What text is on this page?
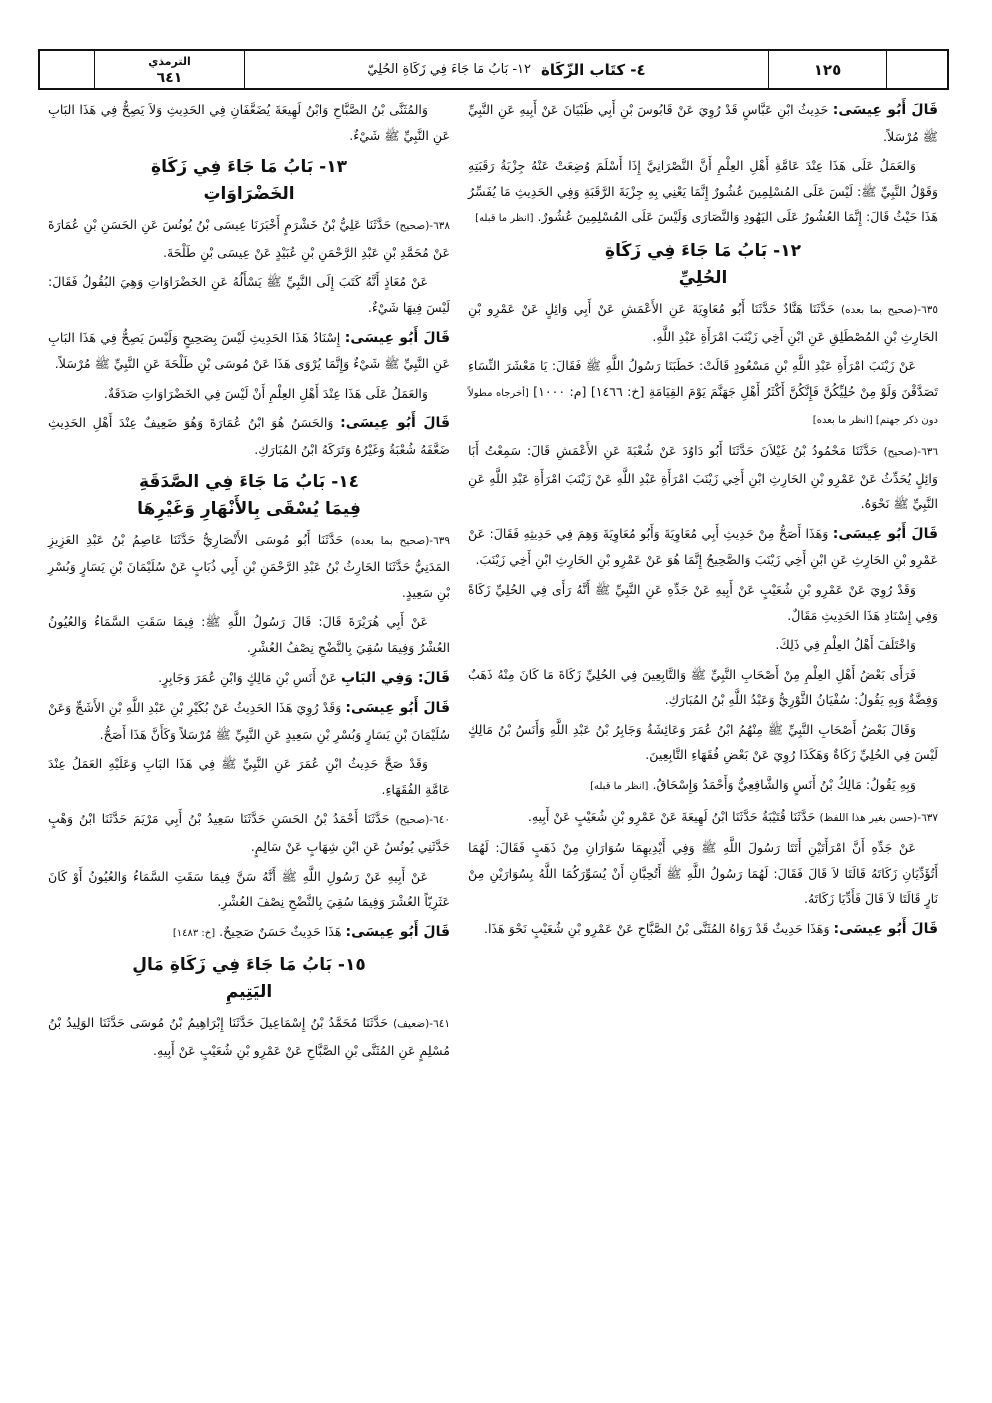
الترمذي
٦٤١	٤- كتَاب الزّكَاة
١٢- بَابُ مَا جَاءَ فِي زَكَاةِ الحُلِيّ	١٢٥

قَالَ أَبُو عِيسَى: حَدِيثُ ابْنِ عَبَّاسٍ قَدْ رُوِيَ عَنْ قَابُوسَ بْنِ أَبِي ظَبْيَانَ عَنْ أَبِيهِ عَنِ النَّبِيِّ ﷺ مُرْسَلاً.

وَالعَمَلُ عَلَى هَذَا عِنْدَ عَامَّةِ أَهْلِ العِلْمِ أَنَّ النَّصْرَانِيَّ إِذَا أَسْلَمَ وُضِعَتْ عَنْهُ جِزْيَةُ رَقَبَتِهِ وَقَوْلُ النَّبِيِّ ﷺ: لَيْسَ عَلَى المُسْلِمِينَ عُشُورٌ إِنَّمَا يَعْنِي بِهِ جِزْيَةَ الرَّقَبَةِ وَفِي الحَدِيثِ مَا يُفَسِّرُ هَذَا حَيْثُ قَالَ: إِنَّمَا العُشُورُ عَلَى اليَهُودِ وَالنَّصَارَى وَلَيْسَ عَلَى المُسْلِمِينَ عُشُورٌ. [انظر ما قبله]

١٢- بَابُ مَا جَاءَ فِي زَكَاةِ
الحُلِيِّ

٦٣٥-(صحيح بما بعده) حَدَّثَنَا هَنَّادٌ حَدَّثَنَا أَبُو مُعَاوِيَةَ عَنِ الأَعْمَشِ عَنْ أَبِي وَائِلٍ عَنْ عَمْرِو بْنِ الحَارِثِ بْنِ المُصْطَلِقِ عَنِ ابْنِ أَخِي زَيْنَبَ امْرَأَةِ عَبْدِ اللَّهِ.

عَنْ زَيْنَبَ امْرَأَةِ عَبْدِ اللَّهِ بْنِ مَسْعُودٍ قَالَتْ: خَطَبَنَا رَسُولُ اللَّهِ ﷺ فَقَالَ: يَا مَعْشَرَ النِّسَاءِ تَصَدَّقْنَ وَلَوْ مِنْ حُلِيِّكُنَّ فَإِنَّكُنَّ أَكْثَرُ أَهْلِ جَهَنَّمَ يَوْمَ القِيَامَةِ [خ: ١٤٦٦] [م: ١٠٠٠] [أخرجاه مطولاً دون ذكر جهنم] [انظر ما بعده]

٦٣٦-(صحيح) حَدَّثَنَا مَحْمُودُ بْنُ غَيْلاَنَ حَدَّثَنَا أَبُو دَاوُدَ عَنْ شُعْبَةَ عَنِ الأَعْمَشِ قَالَ: سَمِعْتُ أَبَا وَائِلٍ يُحَدِّثُ عَنْ عَمْرِو بْنِ الحَارِثِ ابْنِ أَخِي زَيْنَبَ امْرَأَةِ عَبْدِ اللَّهِ عَنْ زَيْنَبَ امْرَأَةِ عَبْدِ اللَّهِ عَنِ النَّبِيِّ ﷺ نَحْوَهُ.

قَالَ أَبُو عِيسَى: وَهَذَا أَصَحُّ مِنْ حَدِيثِ أَبِي مُعَاوِيَةَ وَأَبُو مُعَاوِيَةَ وَهِمَ فِي حَدِيثِهِ فَقَالَ: عَنْ عَمْرِو بْنِ الحَارِثِ عَنِ ابْنِ أَخِي زَيْنَبَ وَالصَّحِيحُ إِنَّمَا هُوَ عَنْ عَمْرِو بْنِ الحَارِثِ ابْنِ أَخِي زَيْنَبَ.

وَقَدْ رُوِيَ عَنْ عَمْرِو بْنِ شُعَيْبٍ عَنْ أَبِيهِ عَنْ جَدِّهِ عَنِ النَّبِيِّ ﷺ أَنَّهُ رَأَى فِي الحُلِيِّ زَكَاةً وَفِي إِسْنَادِ هَذَا الحَدِيثِ مَقَالٌ.

وَاخْتَلَفَ أَهْلُ العِلْمِ فِي ذَلِكَ.

فَرَأَى بَعْضُ أَهْلِ العِلْمِ مِنْ أَصْحَابِ النَّبِيِّ ﷺ وَالتَّابِعِينَ فِي الحُلِيِّ زَكَاةَ مَا كَانَ مِنْهُ ذَهَبٌ وَفِضَّةٌ وَبِهِ يَقُولُ: سُفْيَانُ الثَّوْرِيُّ وَعَبْدُ اللَّهِ بْنُ المُبَارَكِ.

وَقَالَ بَعْضُ أَصْحَابِ النَّبِيِّ ﷺ مِنْهُمُ ابْنُ عُمَرَ وَعَائِشَةُ وَجَابِرُ بْنُ عَبْدِ اللَّهِ وَأَنَسُ بْنُ مَالِكٍ لَيْسَ فِي الحُلِيِّ زَكَاةٌ وَهَكَذَا رُوِيَ عَنْ بَعْضِ فُقَهَاءِ التَّابِعِينَ.

وَبِهِ يَقُولُ: مَالِكُ بْنُ أَنَسٍ وَالشَّافِعِيُّ وَأَحْمَدُ وَإِسْحَاقُ. [انظر ما قبله]

٦٣٧-(حسن بغير هذا اللفظ) حَدَّثَنَا قُتَيْبَةُ حَدَّثَنَا ابْنُ لَهِيعَةَ عَنْ عَمْرِو بْنِ شُعَيْبٍ عَنْ أَبِيهِ.

عَنْ جَدِّهِ أَنَّ امْرَأَتَيْنِ أَتَتَا رَسُولَ اللَّهِ ﷺ وَفِي أَيْدِيهِمَا سُوَارَانِ مِنْ ذَهَبٍ فَقَالَ: لَهُمَا أَتُؤَدِّيَانِ زَكَاتَهُ قَالَتَا لاَ قَالَ فَقَالَ: لَهُمَا رَسُولُ اللَّهِ ﷺ أَتُحِبَّانِ أَنْ يُسَوِّرَكُمَا اللَّهُ بِسُوَارَيْنِ مِنْ نَارٍ قَالَتَا لاَ قَالَ فَأَدِّيَا زَكَاتَهُ.

قَالَ أَبُو عِيسَى: وَهَذَا حَدِيثٌ قَدْ رَوَاهُ المُثَنَّى بْنُ الصَّبَّاحِ عَنْ عَمْرِو بْنِ شُعَيْبٍ نَحْوَ هَذَا.

وَالمُثَنَّى بْنُ الصَّبَّاحِ وَابْنُ لَهِيعَةَ يُضَعَّفَانِ فِي الحَدِيثِ وَلاَ يَصِحُّ فِي هَذَا البَابِ عَنِ النَّبِيِّ ﷺ شَيْءٌ.

١٣- بَابُ مَا جَاءَ فِي زَكَاةِ
الخَضْرَاوَاتِ

٦٣٨-(صحيح) حَدَّثَنَا عَلِيُّ بْنُ خَشْرَمٍ أَخْبَرَنَا عِيسَى بْنُ يُونُسَ عَنِ الحَسَنِ بْنِ عُمَارَةَ عَنْ مُحَمَّدِ بْنِ عَبْدِ الرَّحْمَنِ بْنِ عُبَيْدٍ عَنْ عِيسَى بْنِ طَلْحَةَ.

عَنْ مُعَاذٍ أَنَّهُ كَتَبَ إِلَى النَّبِيِّ ﷺ يَسْأَلُهُ عَنِ الخَضْرَاوَاتِ وَهِيَ البُقُولُ فَقَالَ: لَيْسَ فِيهَا شَيْءٌ.

قَالَ أَبُو عِيسَى: إِسْنَادُ هَذَا الحَدِيثِ لَيْسَ بِصَحِيحٍ وَلَيْسَ يَصِحُّ فِي هَذَا البَابِ عَنِ النَّبِيِّ ﷺ شَيْءٌ وَإِنَّمَا يُرْوَى هَذَا عَنْ مُوسَى بْنِ طَلْحَةَ عَنِ النَّبِيِّ ﷺ مُرْسَلاً.

وَالعَمَلُ عَلَى هَذَا عِنْدَ أَهْلِ العِلْمِ أَنْ لَيْسَ فِي الخَضْرَاوَاتِ صَدَقَةٌ.

قَالَ أَبُو عِيسَى: وَالحَسَنُ هُوَ ابْنُ عُمَارَةَ وَهُوَ ضَعِيفٌ عِنْدَ أَهْلِ الحَدِيثِ ضَعَّفَهُ شُعْبَةُ وَغَيْرُهُ وَتَرَكَهُ ابْنُ المُبَارَكِ.

١٤- بَابُ مَا جَاءَ فِي الصَّدَقَةِ
فِيمَا يُسْقَى بِالأَنْهَارِ وَغَيْرِهَا

٦٣٩-(صحيح بما بعده) حَدَّثَنَا أَبُو مُوسَى الأَنْصَارِيُّ حَدَّثَنَا عَاصِمُ بْنُ عَبْدِ العَزِيزِ المَدَنِيُّ حَدَّثَنَا الحَارِثُ بْنُ عَبْدِ الرَّحْمَنِ بْنِ أَبِي ذُبَابٍ عَنْ سُلَيْمَانَ بْنِ يَسَارٍ وَبُسْرِ بْنِ سَعِيدٍ.

عَنْ أَبِي هُرَيْرَةَ قَالَ: قَالَ رَسُولُ اللَّهِ ﷺ: فِيمَا سَقَتِ السَّمَاءُ وَالعُيُونُ العُشْرُ وَفِيمَا سُقِيَ بِالنَّضْحِ نِصْفُ العُشْرِ.

قَالَ: وَفِي البَابِ عَنْ أَنَسِ بْنِ مَالِكٍ وَابْنِ عُمَرَ وَجَابِرٍ.

قَالَ أَبُو عِيسَى: وَقَدْ رُوِيَ هَذَا الحَدِيثُ عَنْ بُكَيْرِ بْنِ عَبْدِ اللَّهِ بْنِ الأَشَجِّ وَعَنْ سُلَيْمَانَ بْنِ يَسَارٍ وَبُسْرِ بْنِ سَعِيدٍ عَنِ النَّبِيِّ ﷺ مُرْسَلاً وَكَأَنَّ هَذَا أَصَحُّ.

وَقَدْ صَحَّ حَدِيثُ ابْنِ عُمَرَ عَنِ النَّبِيِّ ﷺ فِي هَذَا البَابِ وَعَلَيْهِ العَمَلُ عِنْدَ عَامَّةِ الفُقَهَاءِ.

٦٤٠-(صحيح) حَدَّثَنَا أَحْمَدُ بْنُ الحَسَنِ حَدَّثَنَا سَعِيدُ بْنُ أَبِي مَرْيَمَ حَدَّثَنَا ابْنُ وَهْبٍ حَدَّثَنِي يُونُسُ عَنِ ابْنِ شِهَابٍ عَنْ سَالِمٍ.

عَنْ أَبِيهِ عَنْ رَسُولِ اللَّهِ ﷺ أَنَّهُ سَنَّ فِيمَا سَقَتِ السَّمَاءُ وَالعُيُونُ أَوْ كَانَ عَثَرِيّاً العُشْرَ وَفِيمَا سُقِيَ بِالنَّضْحِ نِصْفَ العُشْرِ.

قَالَ أَبُو عِيسَى: هَذَا حَدِيثٌ حَسَنٌ صَحِيحٌ. [خ: ١٤٨٣]

١٥- بَابُ مَا جَاءَ فِي زَكَاةِ مَالِ
اليَتِيمِ

٦٤١-(ضعيف) حَدَّثَنَا مُحَمَّدُ بْنُ إِسْمَاعِيلَ حَدَّثَنَا إِبْرَاهِيمُ بْنُ مُوسَى حَدَّثَنَا الوَلِيدُ بْنُ مُسْلِمٍ عَنِ المُثَنَّى بْنِ الصَّبَّاحِ عَنْ عَمْرِو بْنِ شُعَيْبٍ عَنْ أَبِيهِ.
